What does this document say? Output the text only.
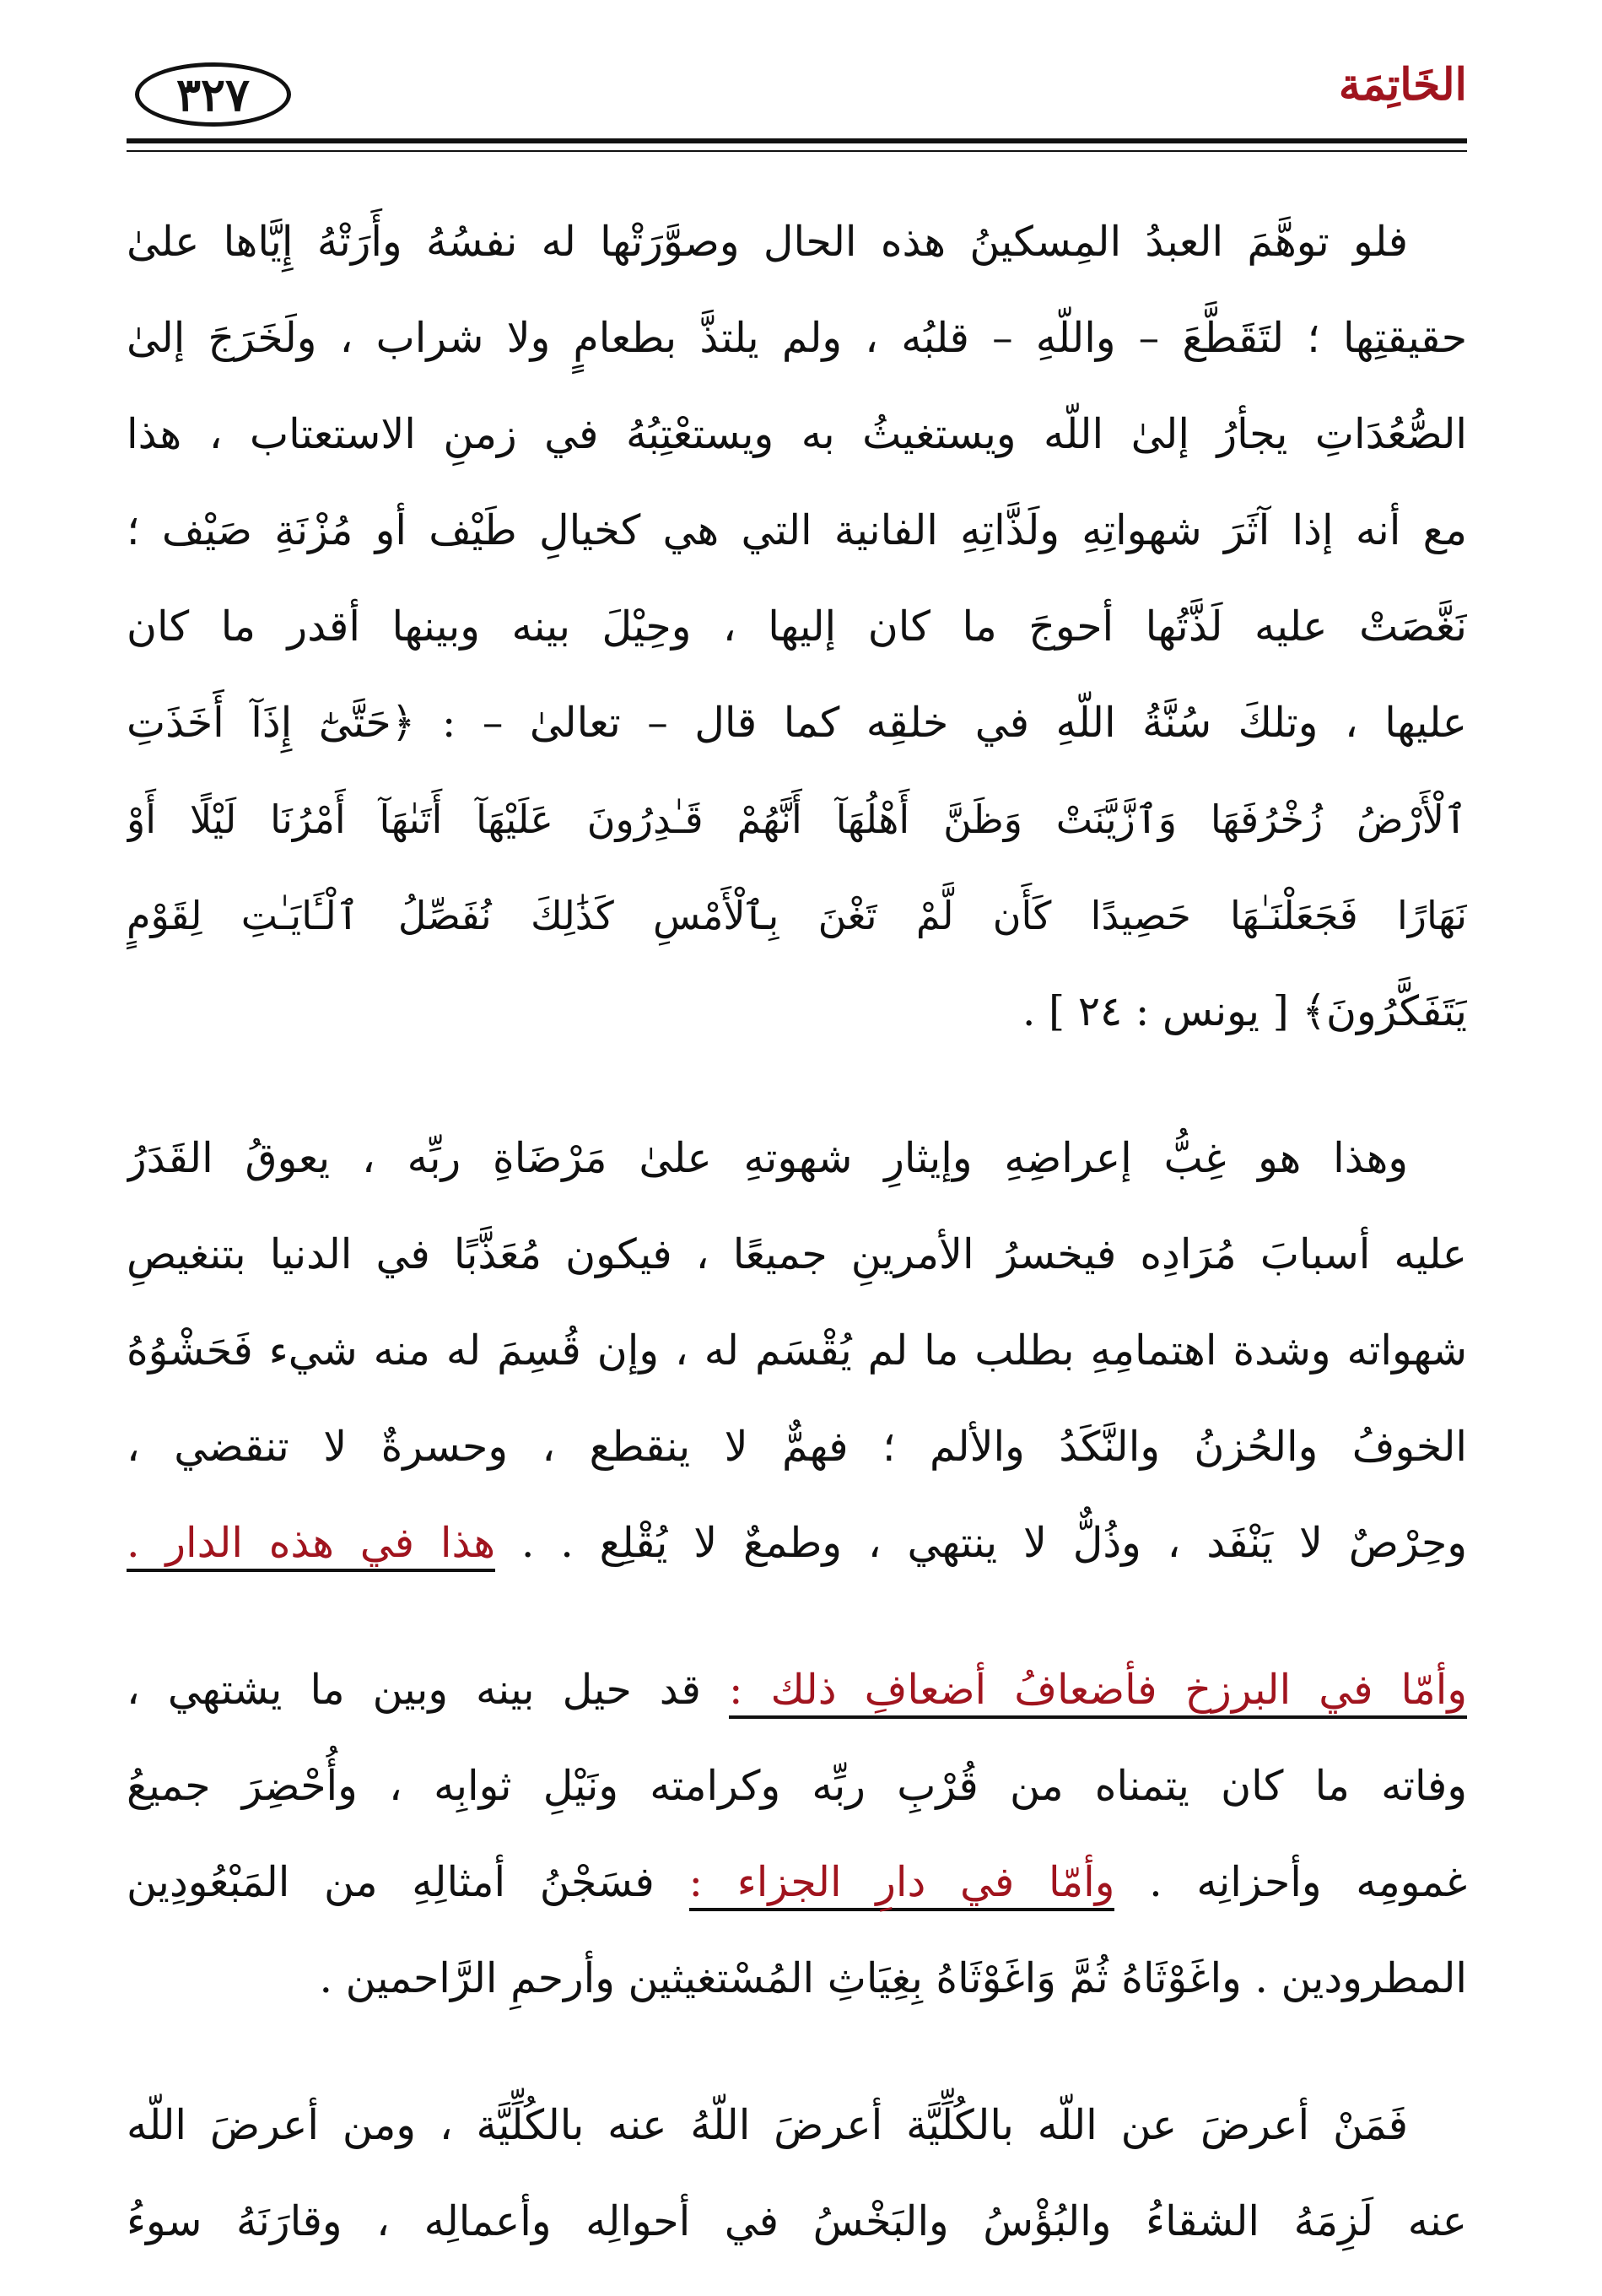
الخَاتِمَة
٣٢٧
فلو توهَّمَ العبدُ المِسكينُ هذه الحال وصوَّرَتْها له نفسُهُ وأَرَتْهُ إِيَّاها علىٰ
حقيقتِها ؛ لتَقَطَّعَ – واللّهِ – قلبُه ، ولم يلتذَّ بطعامٍ ولا شراب ، ولَخَرَجَ إلىٰ
الصُّعُدَاتِ يجأرُ إلىٰ اللّه ويستغيثُ به ويستعْتِبُهُ في زمنِ الاستعتاب ، هذا
مع أنه إذا آثَرَ شهواتِهِ ولَذَّاتِهِ الفانية التي هي كخيالِ طَيْف أو مُزْنَةِ صَيْف ؛
نَغَّصَتْ عليه لَذَّتُها أحوجَ ما كان إليها ، وحِيْلَ بينه وبينها أقدر ما كان
عليها ، وتلكَ سُنَّةُ اللّهِ في خلقِه كما قال – تعالىٰ – : ﴿حَتَّىٰٓ إِذَآ أَخَذَتِ
ٱلْأَرْضُ زُخْرُفَهَا وَٱزَّيَّنَتْ وَظَنَّ أَهْلُهَآ أَنَّهُمْ قَـٰدِرُونَ عَلَيْهَآ أَتَىٰهَآ أَمْرُنَا لَيْلًا أَوْ
نَهَارًا فَجَعَلْنَـٰهَا حَصِيدًا كَأَن لَّمْ تَغْنَ بِٱلْأَمْسِ كَذَٰلِكَ نُفَصِّلُ ٱلْـَٔايَـٰتِ لِقَوْمٍ
يَتَفَكَّرُونَ﴾ [ يونس : ٢٤ ] .
وهذا هو غِبُّ إعراضِهِ وإيثارِ شهوتهِ علىٰ مَرْضَاةِ ربِّه ، يعوقُ القَدَرُ
عليه أسبابَ مُرَادِه فيخسرُ الأمرينِ جميعًا ، فيكون مُعَذَّبًا في الدنيا بتنغيصِ
شهواته وشدة اهتمامِهِ بطلب ما لم يُقْسَم له ، وإن قُسِمَ له منه شيء فَحَشْوُهُ
الخوفُ والحُزنُ والنَّكَدُ والألم ؛ فهمٌّ لا ينقطع ، وحسرةٌ لا تنقضي ،
وحِرْصٌ لا يَنْفَد ، وذُلٌّ لا ينتهي ، وطمعٌ لا يُقْلِع . . هذا في هذه الدار .
وأمّا في البرزخ فأضعافُ أضعافِ ذلك : قد حيل بينه وبين ما يشتهي ،
وفاته ما كان يتمناه من قُرْبِ ربِّه وكرامته ونَيْلِ ثوابِه ، وأُحْضِرَ جميعُ
غمومِه وأحزانِه . وأمّا في دارِ الجزاء : فسَجْنُ أمثالِهِ من المَبْعُودِين
المطرودين . واغَوْثَاهُ ثُمَّ وَاغَوْثَاهُ بِغِيَاثِ المُسْتغيثين وأرحمِ الرَّاحمين .
فَمَنْ أعرضَ عن اللّه بالكُلِّيَّة أعرضَ اللّهُ عنه بالكُلِّيَّة ، ومن أعرضَ اللّه
عنه لَزِمَهُ الشقاءُ والبُؤْسُ والبَخْسُ في أحوالِه وأعمالِه ، وقارَنَهُ سوءُ
